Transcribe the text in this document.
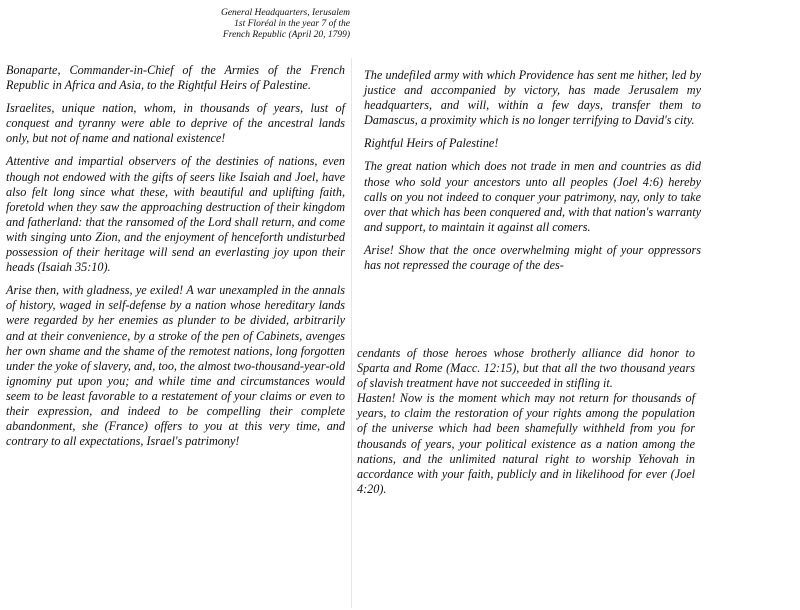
General Headquarters, Ierusalem
1st Floréal in the year 7 of the
French Republic (April 20, 1799)

Bonaparte, Commander-in-Chief of the Armies of the French Republic in Africa and Asia, to the Rightful Heirs of Palestine.

Israelites, unique nation, whom, in thousands of years, lust of conquest and tyranny were able to deprive of the ancestral lands only, but not of name and national existence!

Attentive and impartial observers of the destinies of nations, even though not endowed with the gifts of seers like Isaiah and Joel, have also felt long since what these, with beautiful and uplifting faith, foretold when they saw the approaching destruction of their kingdom and fatherland: that the ransomed of the Lord shall return, and come with singing unto Zion, and the enjoyment of henceforth undisturbed possession of their heritage will send an everlasting joy upon their heads (Isaiah 35:10).

Arise then, with gladness, ye exiled! A war unexampled in the annals of history, waged in self-defense by a nation whose hereditary lands were regarded by her enemies as plunder to be divided, arbitrarily and at their convenience, by a stroke of the pen of Cabinets, avenges her own shame and the shame of the remotest nations, long forgotten under the yoke of slavery, and, too, the almost two-thousand-year-old ignominy put upon you; and while time and circumstances would seem to be least favorable to a restatement of your claims or even to their expression, and indeed to be compelling their complete abandonment, she (France) offers to you at this very time, and contrary to all expectations, Israel's patrimony!

The undefiled army with which Providence has sent me hither, led by justice and accompanied by victory, has made Jerusalem my headquarters, and will, within a few days, transfer them to Damascus, a proximity which is no longer terrifying to David's city.

Rightful Heirs of Palestine!

The great nation which does not trade in men and countries as did those who sold your ancestors unto all peoples (Joel 4:6) hereby calls on you not indeed to conquer your patrimony, nay, only to take over that which has been conquered and, with that nation's warranty and support, to maintain it against all comers.

Arise! Show that the once overwhelming might of your oppressors has not repressed the courage of the des-

cendants of those heroes whose brotherly alliance did honor to Sparta and Rome (Macc. 12:15), but that all the two thousand years of slavish treatment have not succeeded in stifling it.

Hasten! Now is the moment which may not return for thousands of years, to claim the restoration of your rights among the population of the universe which had been shamefully withheld from you for thousands of years, your political existence as a nation among the nations, and the unlimited natural right to worship Yehovah in accordance with your faith, publicly and in likelihood for ever (Joel 4:20).
